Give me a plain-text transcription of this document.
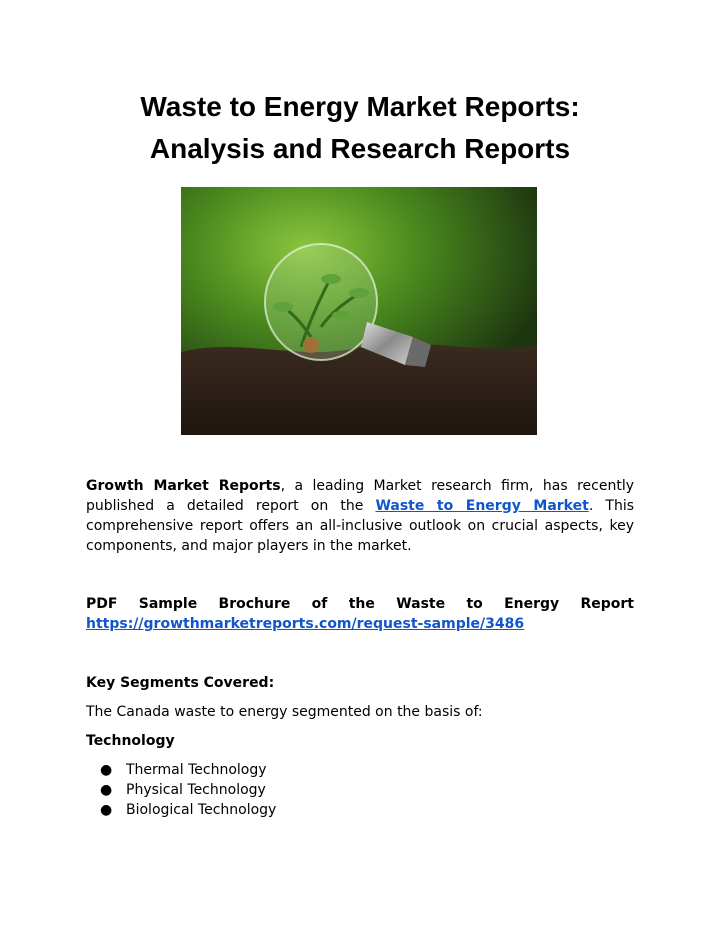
Waste to Energy Market Reports:
Analysis and Research Reports

Growth Market Reports, a leading Market research firm, has recently published a detailed report on the Waste to Energy Market. This comprehensive report offers an all-inclusive outlook on crucial aspects, key components, and major players in the market.

PDF Sample Brochure of the Waste to Energy Report

https://growthmarketreports.com/request-sample/3486

Key Segments Covered:

The Canada waste to energy segmented on the basis of:

Technology

● Thermal Technology
● Physical Technology
● Biological Technology
